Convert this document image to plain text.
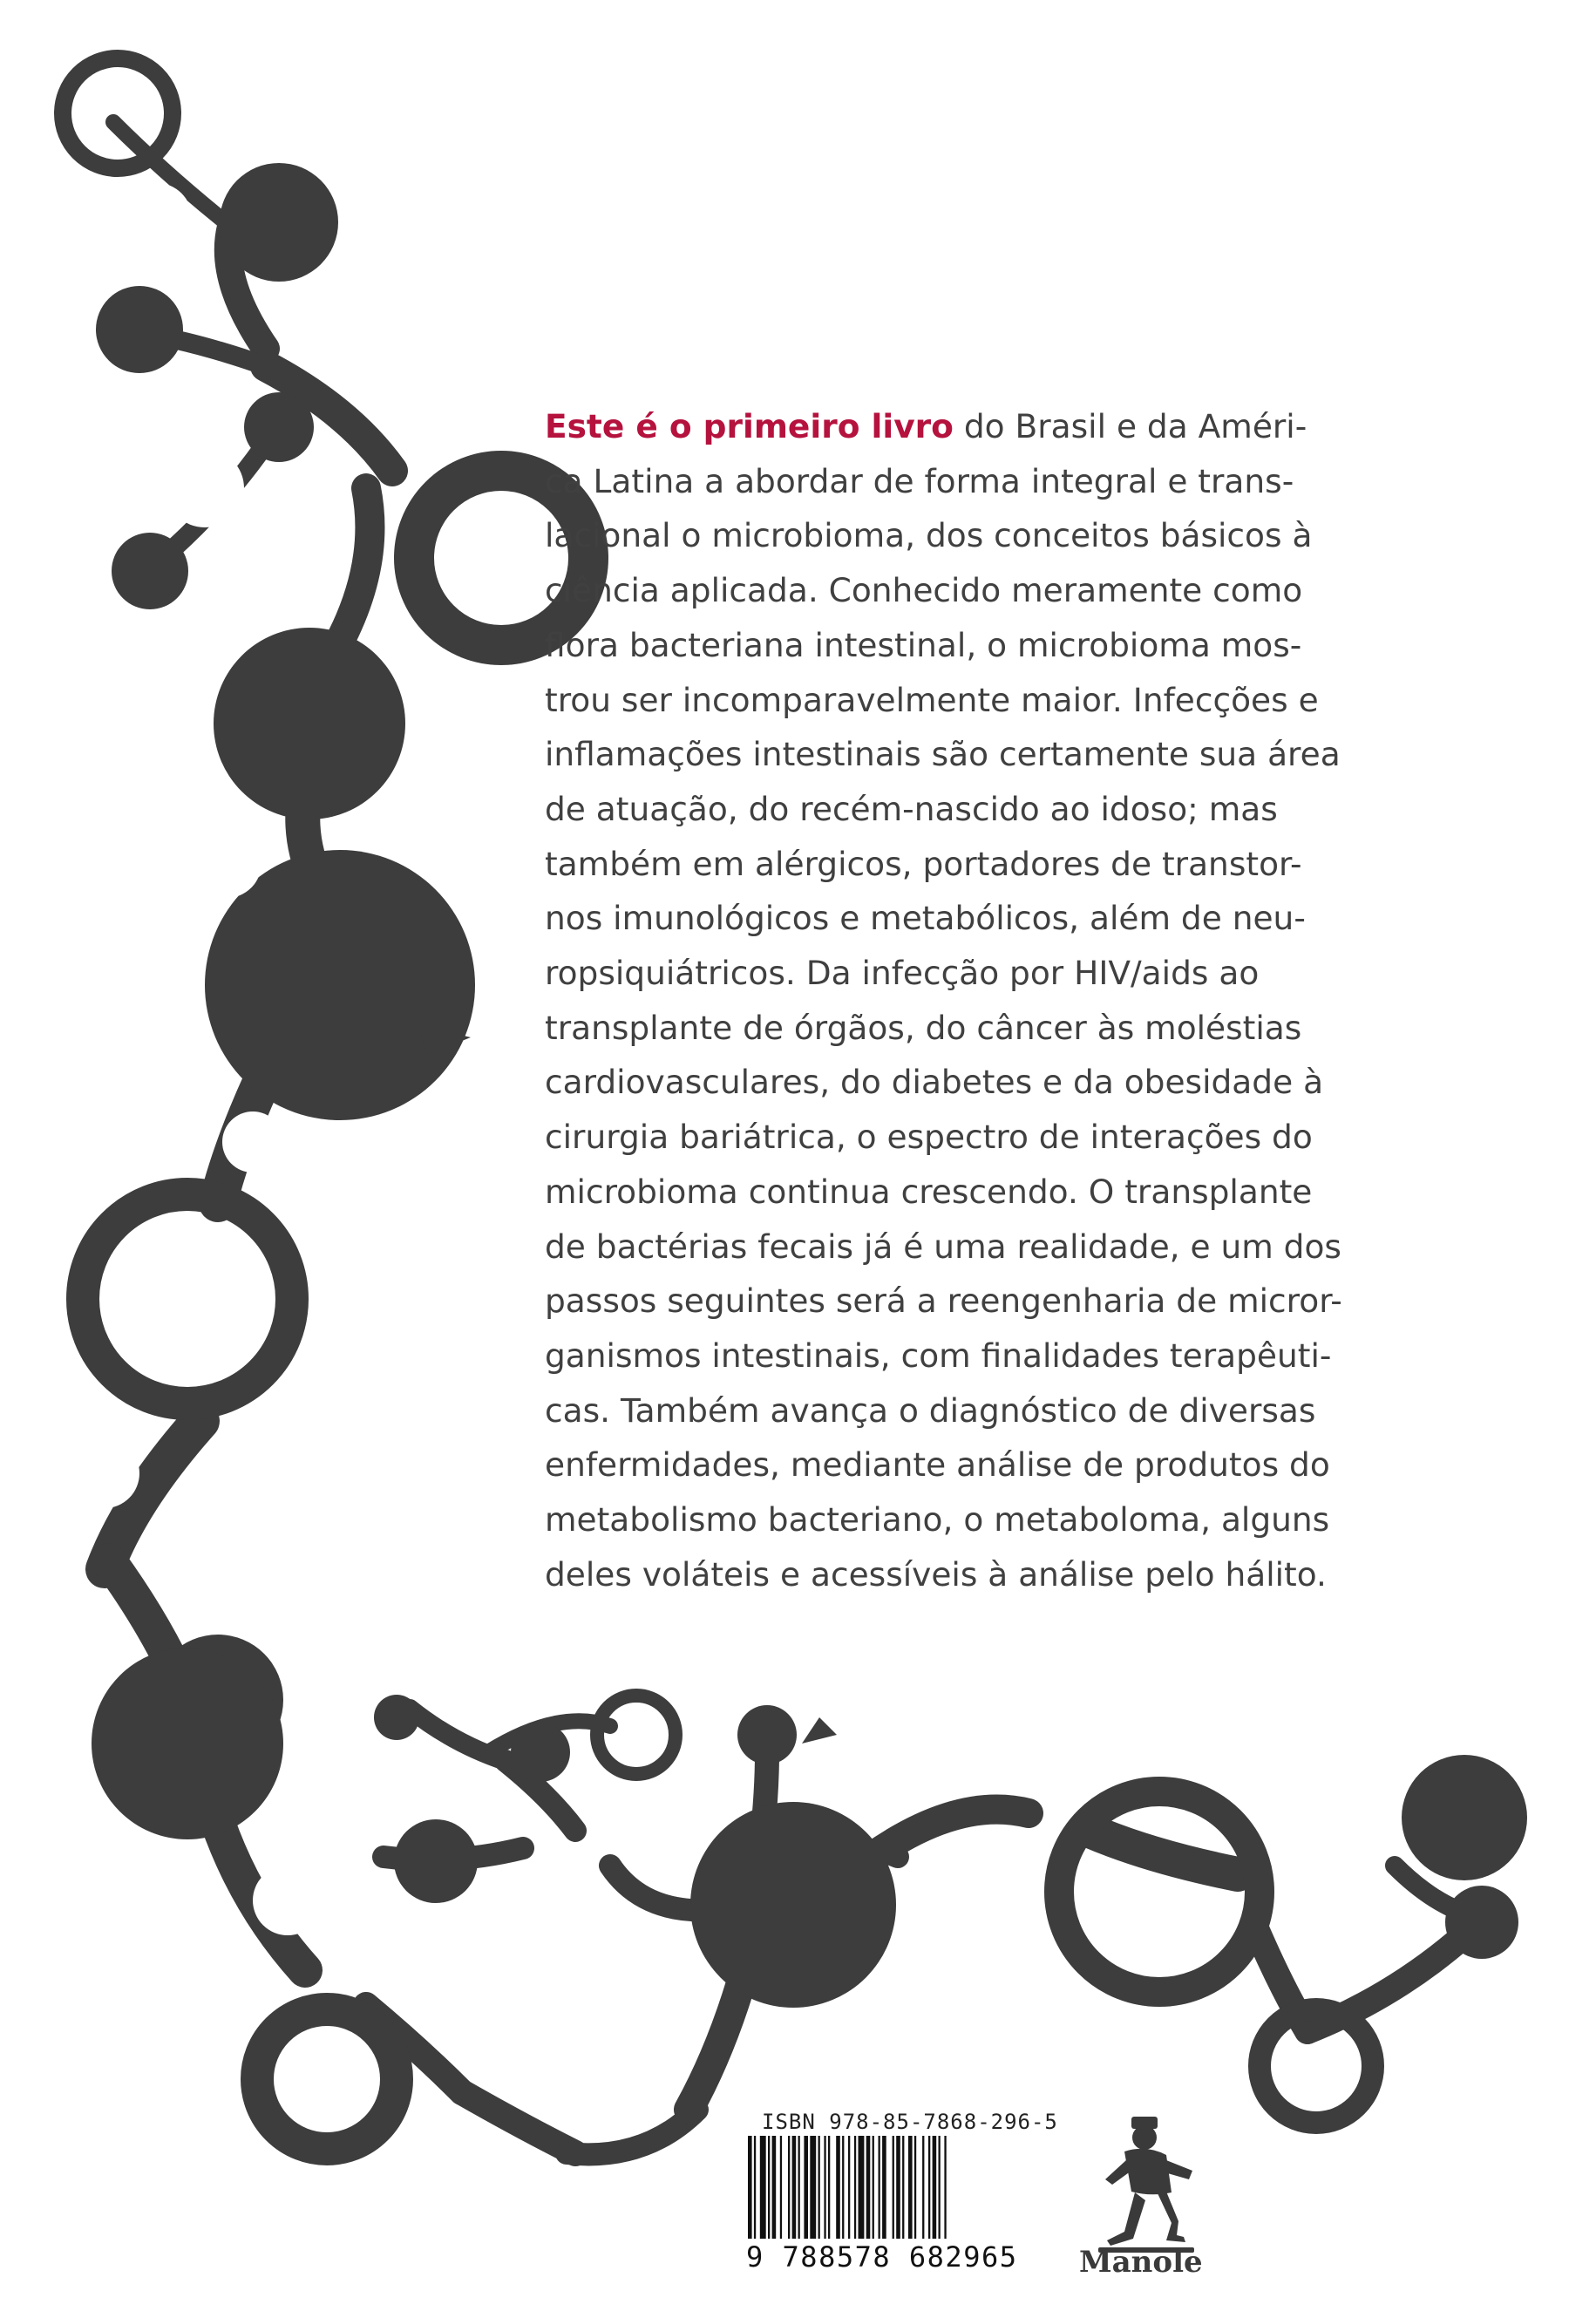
Este é o primeiro livro do Brasil e da Améri-
ca Latina a abordar de forma integral e trans-
lacional o microbioma, dos conceitos básicos à
ciência aplicada. Conhecido meramente como
flora bacteriana intestinal, o microbioma mos-
trou ser incomparavelmente maior. Infecções e
inflamações intestinais são certamente sua área
de atuação, do recém-nascido ao idoso; mas
também em alérgicos, portadores de transtor-
nos imunológicos e metabólicos, além de neu-
ropsiquiátricos. Da infecção por HIV/aids ao
transplante de órgãos, do câncer às moléstias
cardiovasculares, do diabetes e da obesidade à
cirurgia bariátrica, o espectro de interações do
microbioma continua crescendo. O transplante
de bactérias fecais já é uma realidade, e um dos
passos seguintes será a reengenharia de micror-
ganismos intestinais, com finalidades terapêuti-
cas. Também avança o diagnóstico de diversas
enfermidades, mediante análise de produtos do
metabolismo bacteriano, o metaboloma, alguns
deles voláteis e acessíveis à análise pelo hálito.
ISBN 978-85-7868-296-5
9 788578 682965	Manole
